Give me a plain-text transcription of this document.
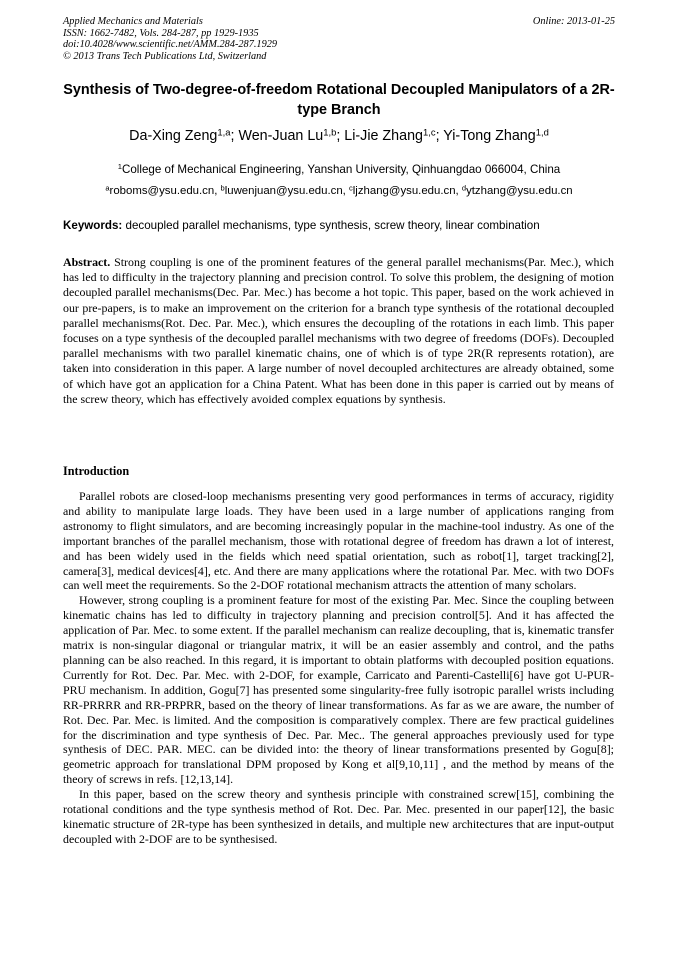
Applied Mechanics and Materials
ISSN: 1662-7482, Vols. 284-287, pp 1929-1935
doi:10.4028/www.scientific.net/AMM.284-287.1929
© 2013 Trans Tech Publications Ltd, Switzerland
Online: 2013-01-25
Synthesis of Two-degree-of-freedom Rotational Decoupled Manipulators of a 2R-type Branch
Da-Xing Zeng$^{1,a}$; Wen-Juan Lu$^{1,b}$; Li-Jie Zhang$^{1,c}$; Yi-Tong Zhang$^{1,d}$
$^1$College of Mechanical Engineering, Yanshan University, Qinhuangdao 066004, China
$^a$roboms@ysu.edu.cn, $^b$luwenjuan@ysu.edu.cn, $^c$ljzhang@ysu.edu.cn, $^d$ytzhang@ysu.edu.cn
Keywords: decoupled parallel mechanisms, type synthesis, screw theory, linear combination
Abstract. Strong coupling is one of the prominent features of the general parallel mechanisms(Par. Mec.), which has led to difficulty in the trajectory planning and precision control. To solve this problem, the designing of motion decoupled parallel mechanisms(Dec. Par. Mec.) has become a hot topic. This paper, based on the work achieved in our pre-papers, is to make an improvement on the criterion for a branch type synthesis of the rotational decoupled parallel mechanisms(Rot. Dec. Par. Mec.), which ensures the decoupling of the rotations in each limb. This paper focuses on a type synthesis of the decoupled parallel mechanisms with two degree of freedoms (DOFs). Decoupled parallel mechanisms with two parallel kinematic chains, one of which is of type 2R(R represents rotation), are taken into consideration in this paper. A large number of novel decoupled architectures are already obtained, some of which have got an application for a China Patent. What has been done in this paper is carried out by means of the screw theory, which has effectively avoided complex equations by synthesis.
Introduction

Parallel robots are closed-loop mechanisms presenting very good performances in terms of accuracy, rigidity and ability to manipulate large loads. They have been used in a large number of applications ranging from astronomy to flight simulators, and are becoming increasingly popular in the machine-tool industry. As one of the important branches of the parallel mechanism, those with rotational degree of freedom has drawn a lot of interest, and has been widely used in the fields which need spatial orientation, such as robot[1], target tracking[2], camera[3], medical devices[4], etc. And there are many applications where the rotational Par. Mec. with two DOFs can well meet the requirements. So the 2-DOF rotational mechanism attracts the attention of many scholars.

However, strong coupling is a prominent feature for most of the existing Par. Mec. Since the coupling between kinematic chains has led to difficulty in trajectory planning and precision control[5]. And it has affected the application of Par. Mec. to some extent. If the parallel mechanism can realize decoupling, that is, kinematic transfer matrix is non-singular diagonal or triangular matrix, it will be an easier assembly and control, and the paths planning can be also reached. In this regard, it is important to obtain platforms with decoupled position equations. Currently for Rot. Dec. Par. Mec. with 2-DOF, for example, Carricato and Parenti-Castelli[6] have got U-PUR-PRU mechanism. In addition, Gogu[7] has presented some singularity-free fully isotropic parallel wrists including RR-PRRRR and RR-PRPRR, based on the theory of linear transformations. As far as we are aware, the number of Rot. Dec. Par. Mec. is limited. And the composition is comparatively complex. There are few practical guidelines for the discrimination and type synthesis of Dec. Par. Mec.. The general approaches previously used for type synthesis of DEC. PAR. MEC. can be divided into: the theory of linear transformations presented by Gogu[8]; geometric approach for translational DPM proposed by Kong et al[9,10,11] , and the method by means of the theory of screws in refs. [12,13,14].

In this paper, based on the screw theory and synthesis principle with constrained screw[15], combining the rotational conditions and the type synthesis method of Rot. Dec. Par. Mec. presented in our paper[12], the basic kinematic structure of 2R-type has been synthesized in details, and multiple new architectures that are input-output decoupled with 2-DOF are to be synthesised.
